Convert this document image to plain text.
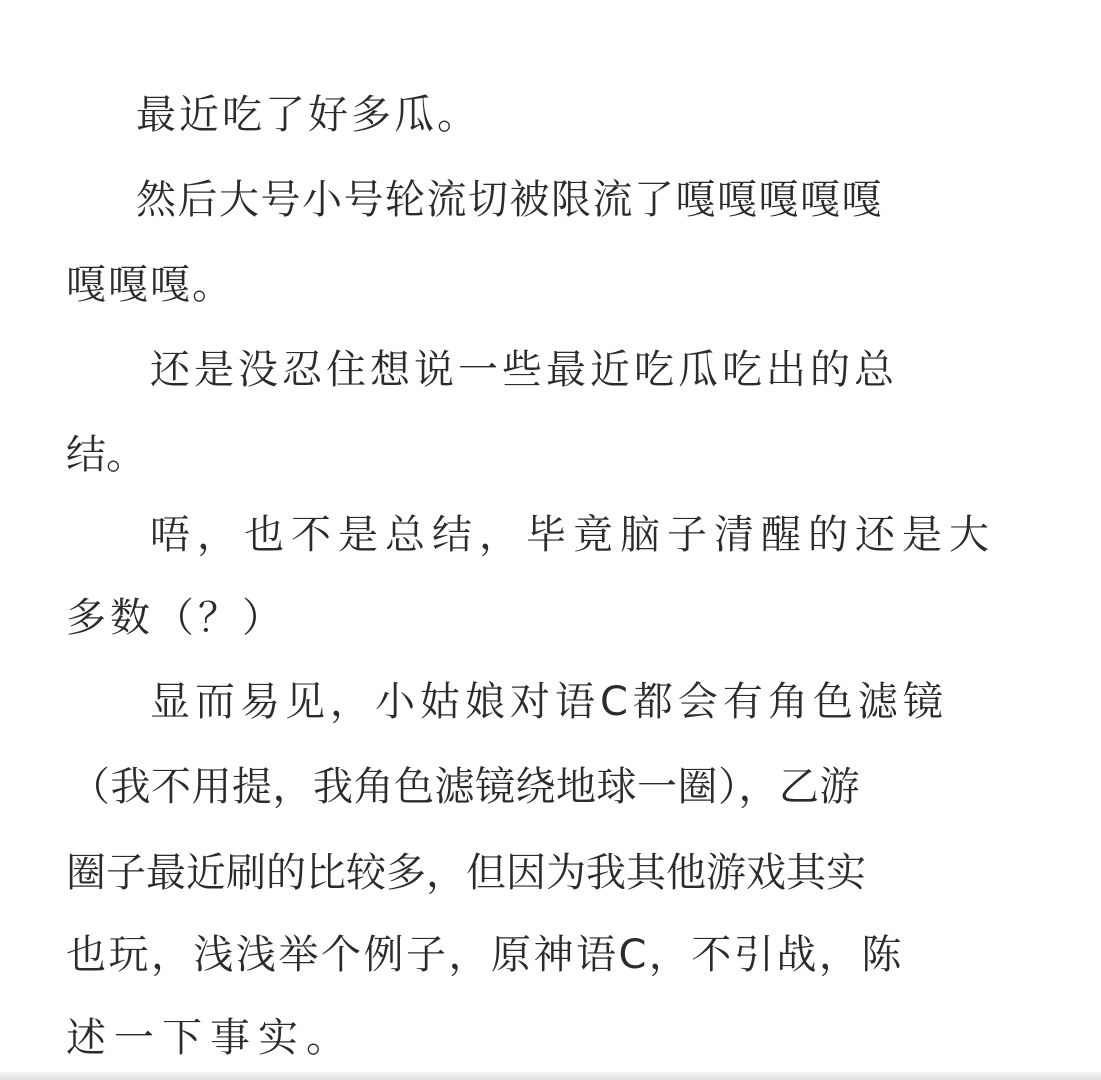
最近吃了好多瓜。
然后大号小号轮流切被限流了嘎嘎嘎嘎嘎
嘎嘎嘎。
还是没忍住想说一些最近吃瓜吃出的总
结。
唔，也不是总结，毕竟脑子清醒的还是大
多数（？）
显而易见，小姑娘对语C都会有角色滤镜
（我不用提，我角色滤镜绕地球一圈），乙游
圈子最近刷的比较多，但因为我其他游戏其实
也玩，浅浅举个例子，原神语C，不引战，陈
述一下事实。
